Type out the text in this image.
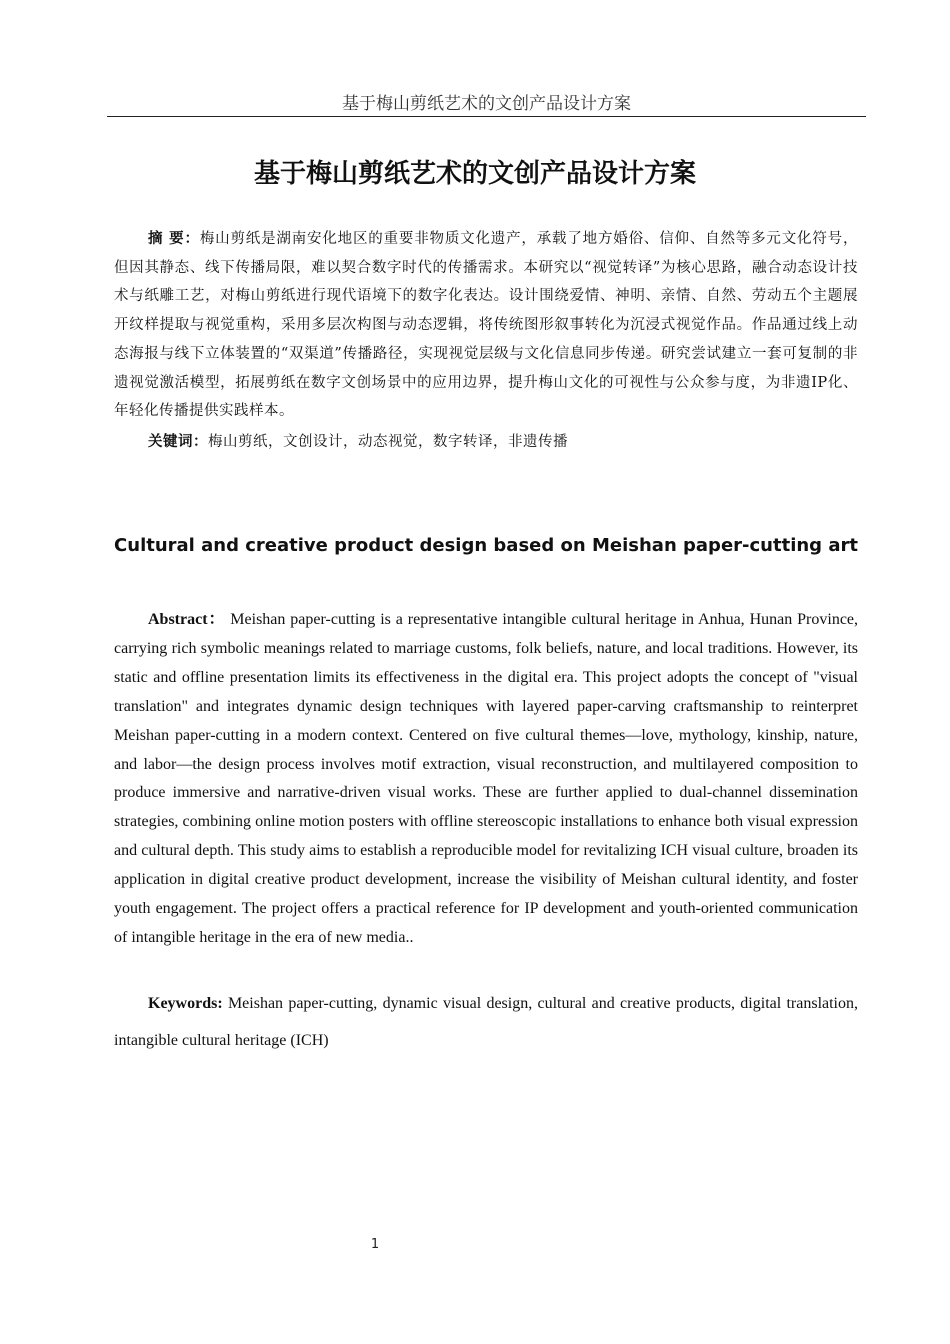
基于梅山剪纸艺术的文创产品设计方案
基于梅山剪纸艺术的文创产品设计方案

摘 要：梅山剪纸是湖南安化地区的重要非物质文化遗产，承载了地方婚俗、信仰、自然等多元文化符号，但因其静态、线下传播局限，难以契合数字时代的传播需求。本研究以“视觉转译”为核心思路，融合动态设计技术与纸雕工艺，对梅山剪纸进行现代语境下的数字化表达。设计围绕爱情、神明、亲情、自然、劳动五个主题展开纹样提取与视觉重构，采用多层次构图与动态逻辑，将传统图形叙事转化为沉浸式视觉作品。作品通过线上动态海报与线下立体装置的“双渠道”传播路径，实现视觉层级与文化信息同步传递。研究尝试建立一套可复制的非遗视觉激活模型，拓展剪纸在数字文创场景中的应用边界，提升梅山文化的可视性与公众参与度，为非遗IP化、年轻化传播提供实践样本。

关键词：梅山剪纸，文创设计，动态视觉，数字转译，非遗传播

Cultural and creative product design based on Meishan paper-cutting art

Abstract： Meishan paper-cutting is a representative intangible cultural heritage in Anhua, Hunan Province, carrying rich symbolic meanings related to marriage customs, folk beliefs, nature, and local traditions. However, its static and offline presentation limits its effectiveness in the digital era. This project adopts the concept of "visual translation" and integrates dynamic design techniques with layered paper-carving craftsmanship to reinterpret Meishan paper-cutting in a modern context. Centered on five cultural themes—love, mythology, kinship, nature, and labor—the design process involves motif extraction, visual reconstruction, and multilayered composition to produce immersive and narrative-driven visual works. These are further applied to dual-channel dissemination strategies, combining online motion posters with offline stereoscopic installations to enhance both visual expression and cultural depth. This study aims to establish a reproducible model for revitalizing ICH visual culture, broaden its application in digital creative product development, increase the visibility of Meishan cultural identity, and foster youth engagement. The project offers a practical reference for IP development and youth-oriented communication of intangible heritage in the era of new media..

Keywords: Meishan paper-cutting, dynamic visual design, cultural and creative products, digital translation, intangible cultural heritage (ICH)

1
